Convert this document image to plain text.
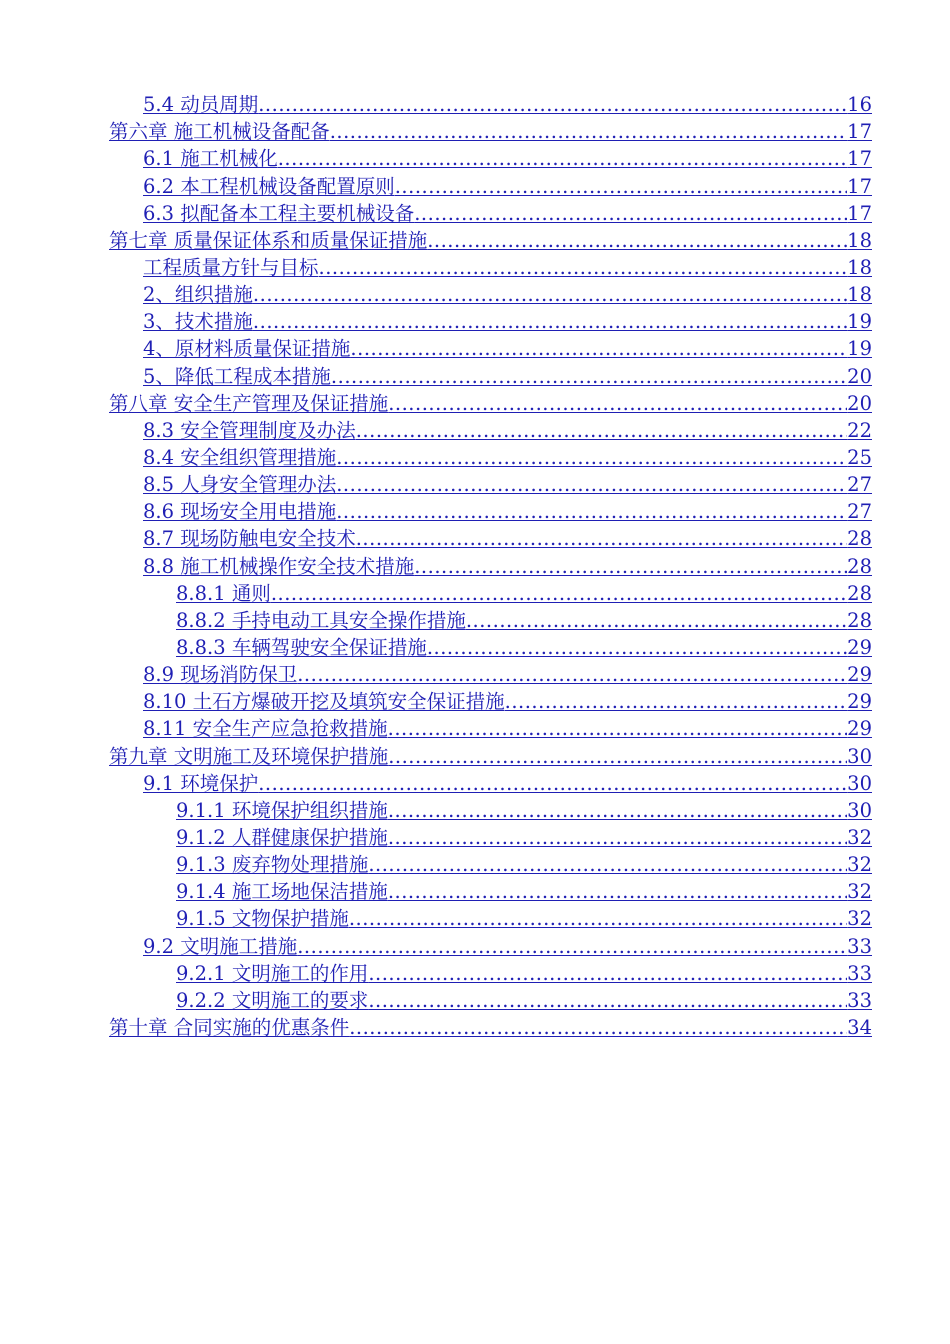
5.4 动员周期 .....	16
第六章 施工机械设备配备 .....	17
6.1 施工机械化 .....	17
6.2 本工程机械设备配置原则 .....	17
6.3 拟配备本工程主要机械设备 .....	17
第七章 质量保证体系和质量保证措施 .....	18
工程质量方针与目标 .....	18
2、组织措施 .....	18
3、技术措施 .....	19
4、原材料质量保证措施 .....	19
5、降低工程成本措施 .....	20
第八章 安全生产管理及保证措施 .....	20
8.3 安全管理制度及办法 .....	22
8.4 安全组织管理措施 .....	25
8.5 人身安全管理办法 .....	27
8.6 现场安全用电措施 .....	27
8.7 现场防触电安全技术 .....	28
8.8 施工机械操作安全技术措施 .....	28
8.8.1 通则 .....	28
8.8.2 手持电动工具安全操作措施 .....	28
8.8.3 车辆驾驶安全保证措施 .....	29
8.9 现场消防保卫 .....	29
8.10 土石方爆破开挖及填筑安全保证措施 .....	29
8.11 安全生产应急抢救措施 .....	29
第九章 文明施工及环境保护措施 .....	30
9.1 环境保护 .....	30
9.1.1 环境保护组织措施 .....	30
9.1.2 人群健康保护措施 .....	32
9.1.3 废弃物处理措施 .....	32
9.1.4 施工场地保洁措施 .....	32
9.1.5 文物保护措施 .....	32
9.2 文明施工措施 .....	33
9.2.1 文明施工的作用 .....	33
9.2.2 文明施工的要求 .....	33
第十章 合同实施的优惠条件 .....	34
